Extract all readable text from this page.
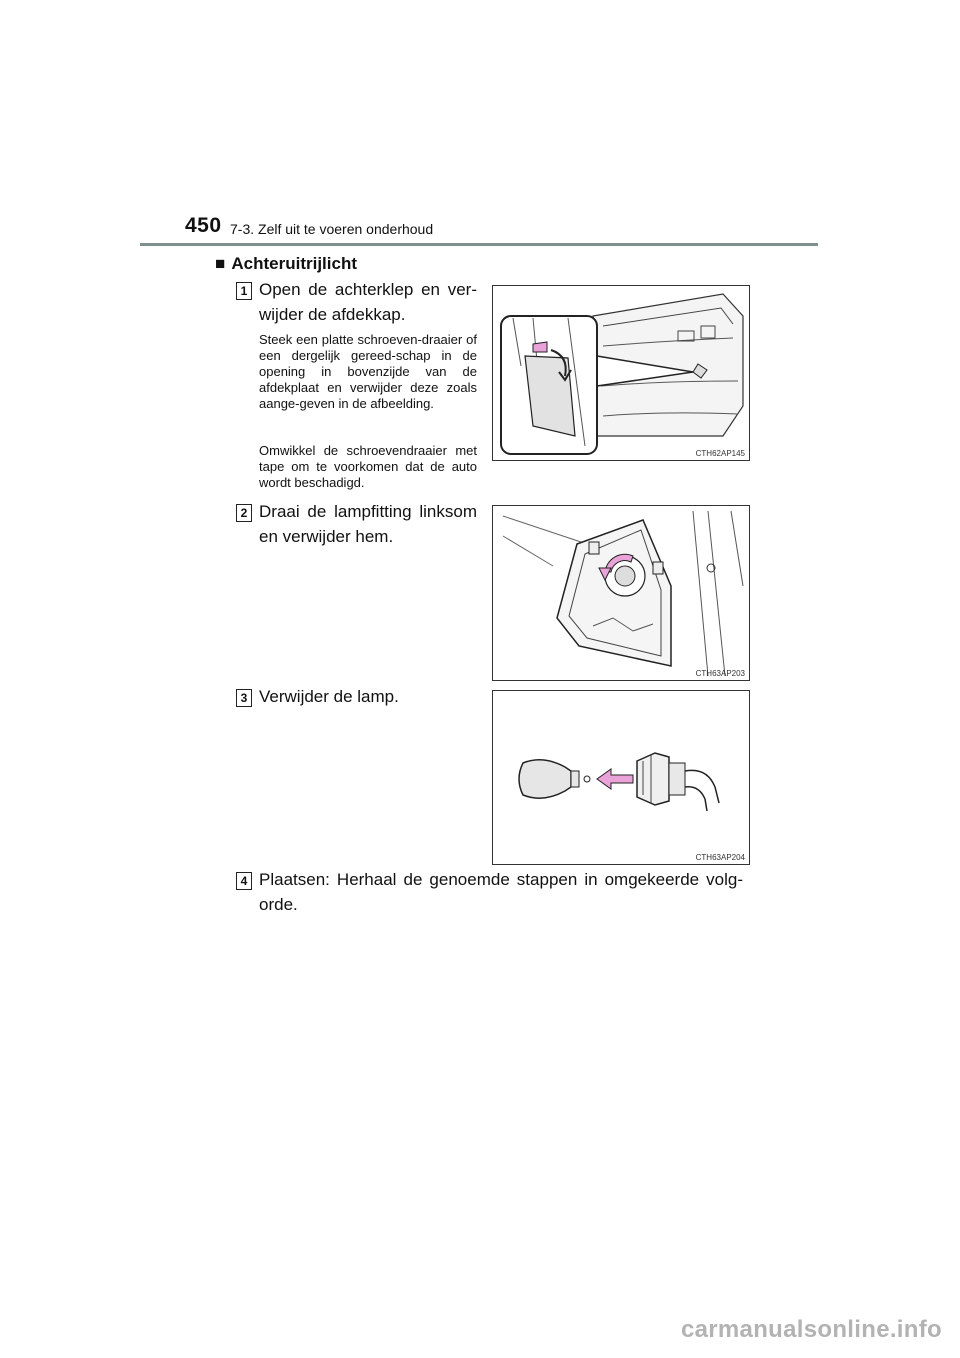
450 7-3. Zelf uit te voeren onderhoud
■ Achteruitrijlicht
1 Open de achterklep en ver-wijder de afdekkap.
Steek een platte schroeven-draaier of een dergelijk gereed-schap in de opening in bovenzijde van de afdekplaat en verwijder deze zoals aange-geven in de afbeelding.
Omwikkel de schroevendraaier met tape om te voorkomen dat de auto wordt beschadigd.
CTH62AP145
2 Draai de lampfitting linksom en verwijder hem.
CTH63AP203
3 Verwijder de lamp.
CTH63AP204
4 Plaatsen: Herhaal de genoemde stappen in omgekeerde volg-orde.
carmanualsonline.info
